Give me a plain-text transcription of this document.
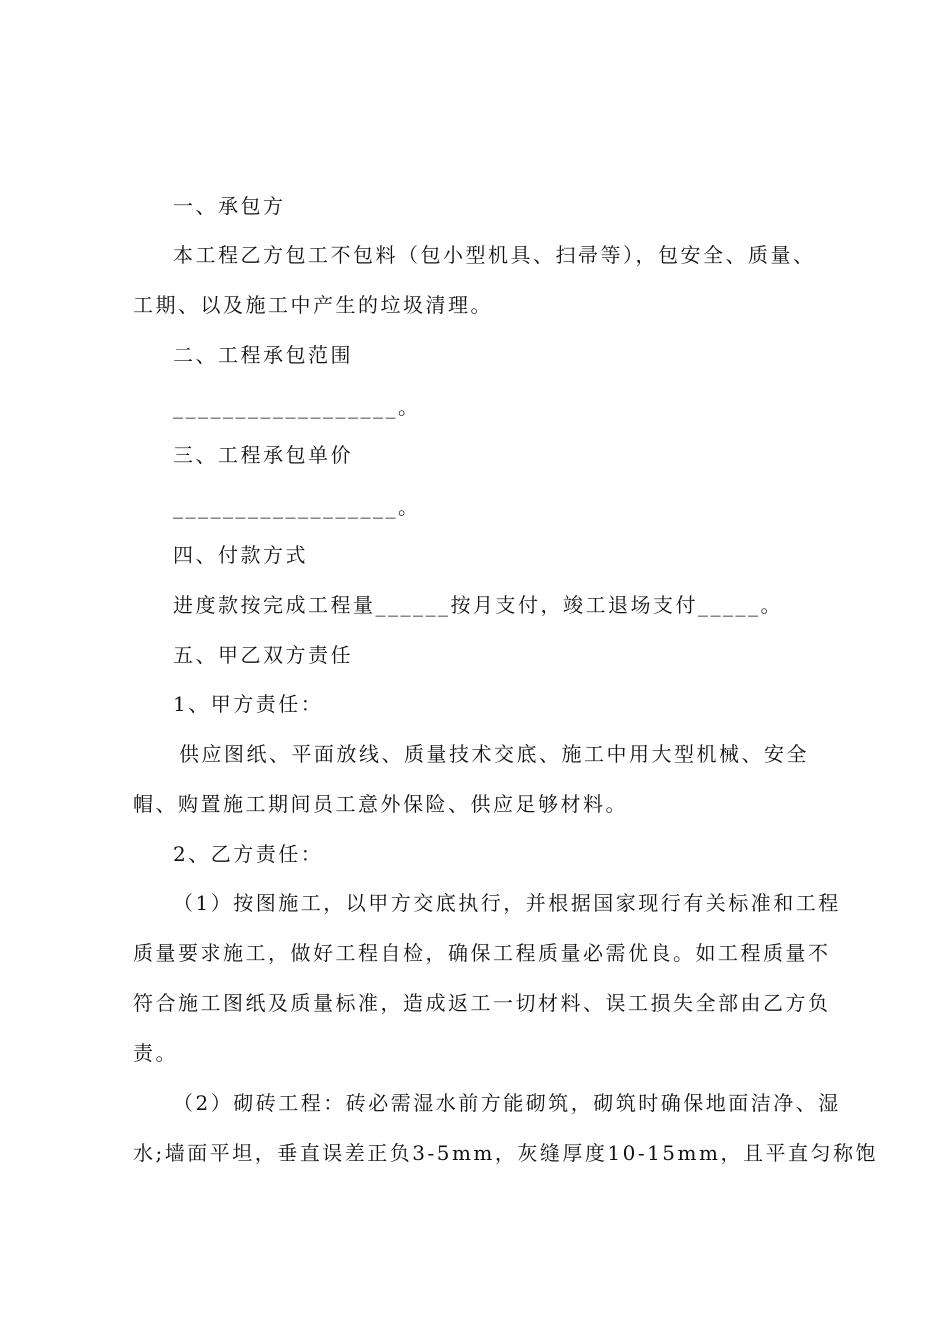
一、承包方
本工程乙方包工不包料（包小型机具、扫帚等），包安全、质量、
工期、以及施工中产生的垃圾清理。
二、工程承包范围
__________________。
三、工程承包单价
__________________。
四、付款方式
进度款按完成工程量______按月支付，竣工退场支付_____。
五、甲乙双方责任
1、甲方责任：
供应图纸、平面放线、质量技术交底、施工中用大型机械、安全
帽、购置施工期间员工意外保险、供应足够材料。
2、乙方责任：
（1）按图施工，以甲方交底执行，并根据国家现行有关标准和工程
质量要求施工，做好工程自检，确保工程质量必需优良。如工程质量不
符合施工图纸及质量标准，造成返工一切材料、误工损失全部由乙方负
责。
（2）砌砖工程：砖必需湿水前方能砌筑，砌筑时确保地面洁净、湿
水;墙面平坦，垂直误差正负3-5mm，灰缝厚度10-15mm，且平直匀称饱
